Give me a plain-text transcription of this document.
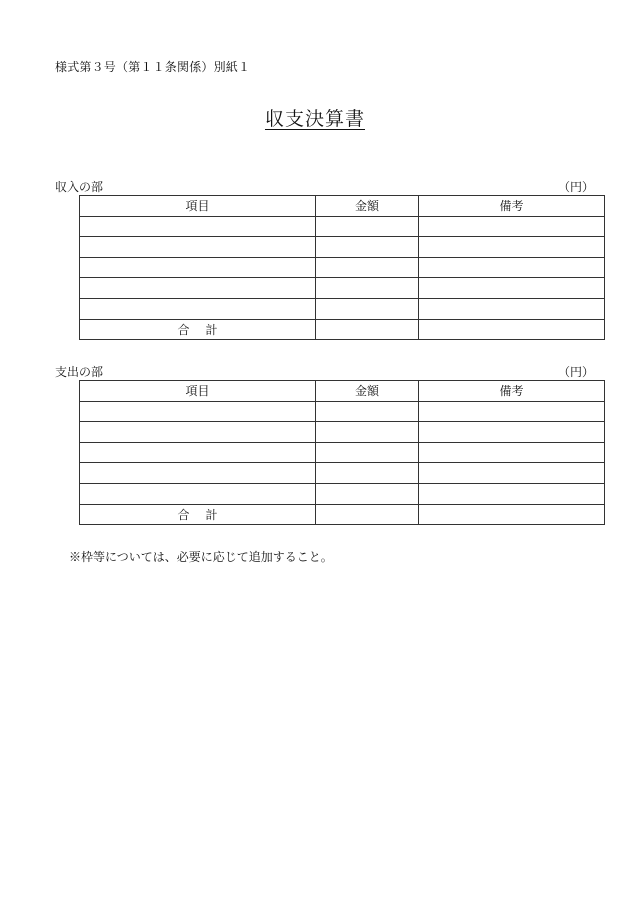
様式第３号（第１１条関係）別紙１
収支決算書
収入の部	（円）
項目	金額	備考

合計		
支出の部	（円）
項目	金額	備考

合計		
※枠等については、必要に応じて追加すること。
